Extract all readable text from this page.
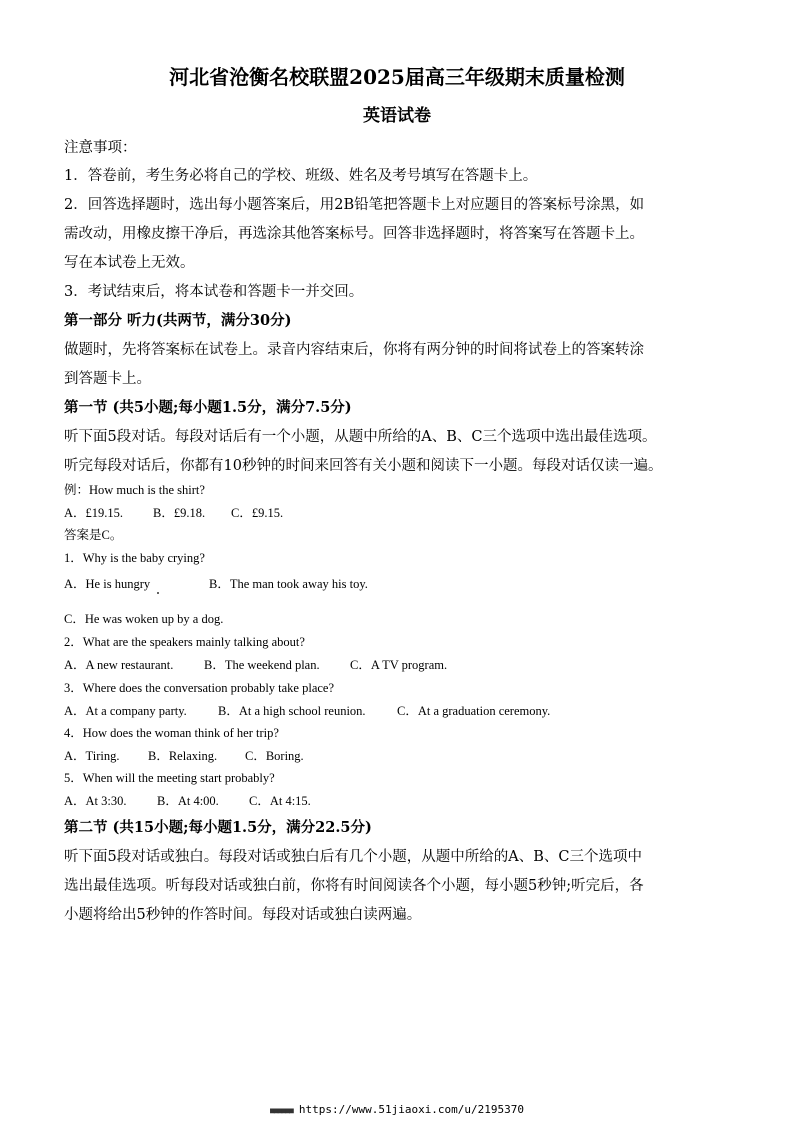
河北省沧衡名校联盟2025届高三年级期末质量检测
英语试卷
注意事项：
1．答卷前，考生务必将自己的学校、班级、姓名及考号填写在答题卡上。
2．回答选择题时，选出每小题答案后，用2B铅笔把答题卡上对应题目的答案标号涂黑，如
需改动，用橡皮擦干净后，再选涂其他答案标号。回答非选择题时，将答案写在答题卡上。
写在本试卷上无效。
3．考试结束后，将本试卷和答题卡一并交回。
第一部分 听力(共两节，满分30分)
做题时，先将答案标在试卷上。录音内容结束后，你将有两分钟的时间将试卷上的答案转涂
到答题卡上。
第一节 (共5小题;每小题1.5分，满分7.5分)
听下面5段对话。每段对话后有一个小题，从题中所给的A、B、C三个选项中选出最佳选项。
听完每段对话后，你都有10秒钟的时间来回答有关小题和阅读下一小题。每段对话仅读一遍。
例：How much is the shirt?
A．£19.15. B．£9.18. C．£9.15.
答案是C。
1．Why is the baby crying?
A．He is hungry	B．The man took away his toy.
C．He was woken up by a dog.
2．What are the speakers mainly talking about?
A．A new restaurant. B．The weekend plan. C．A TV program.
3．Where does the conversation probably take place?
A．At a company party. B．At a high school reunion.	C．At a graduation ceremony.
4．How does the woman think of her trip?
A．Tiring. B．Relaxing. C．Boring.
5．When will the meeting start probably?
A．At 3:30. B．At 4:00. C．At 4:15.
第二节 (共15小题;每小题1.5分，满分22.5分)
听下面5段对话或独白。每段对话或独白后有几个小题，从题中所给的A、B、C三个选项中
选出最佳选项。听每段对话或独白前，你将有时间阅读各个小题，每小题5秒钟;听完后，各
小题将给出5秒钟的作答时间。每段对话或独白读两遍。
■■■■■■ https://www.51jiaoxi.com/u/2195370
